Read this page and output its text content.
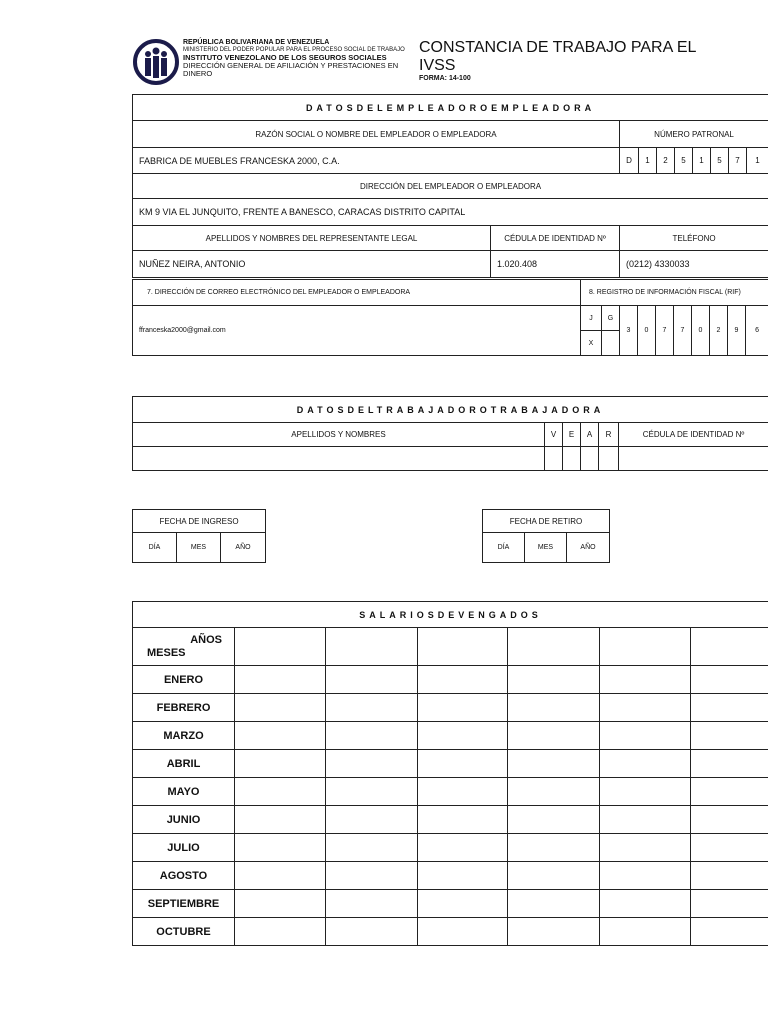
REPÚBLICA BOLIVARIANA DE VENEZUELA
MINISTERIO DEL PODER POPULAR PARA EL PROCESO SOCIAL DE TRABAJO
INSTITUTO VENEZOLANO DE LOS SEGUROS SOCIALES
DIRECCIÓN GENERAL DE AFILIACIÓN Y PRESTACIONES EN
DINERO
CONSTANCIA DE TRABAJO PARA EL
IVSS
FORMA: 14-100
DATOSDELEMPLEADOROEMPLEADORA									
RAZÓN SOCIAL O NOMBRE DEL EMPLEADOR O EMPLEADORA		NÚMERO PATRONAL							
FABRICA DE MUEBLES FRANCESKA 2000, C.A.		D	1	2	5	1	5	7	1
DIRECCIÓN DEL EMPLEADOR O EMPLEADORA									
KM 9 VIA EL JUNQUITO, FRENTE A BANESCO, CARACAS DISTRITO CAPITAL									
APELLIDOS Y NOMBRES DEL REPRESENTANTE LEGAL	CÉDULA DE IDENTIDAD Nº	TELÉFONO							
NUÑEZ NEIRA, ANTONIO	1.020.408	(0212) 4330033							
7. DIRECCIÓN DE CORREO ELECTRÓNICO DEL EMPLEADOR O EMPLEADORA	8. REGISTRO DE INFORMACIÓN FISCAL (RIF)									
ffranceska2000@gmail.com	J	G	3	0	7	7	0	2	9	6
	X									
DATOSDELTRABAJADOROTRABAJADORA					
APELLIDOS Y NOMBRES	V	E	A	R	CÉDULA DE IDENTIDAD Nº

FECHA DE INGRESO
DÍA	MES	AÑO
FECHA DE RETIRO
DÍA	MES	AÑO
SALARIOSDEVENGADOS						

AÑOS
MESES						

ENERO						
FEBRERO						
MARZO						
ABRIL						
MAYO						
JUNIO						
JULIO						
AGOSTO						
SEPTIEMBRE						
OCTUBRE						
